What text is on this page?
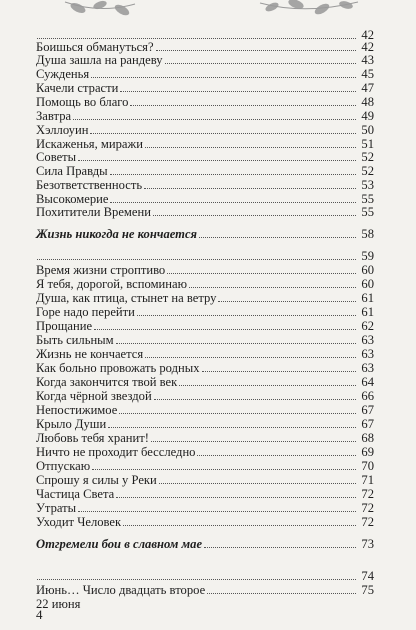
42
Боишься обмануться?	42
Душа зашла на рандеву	43
Сужденья	45
Качели страсти	47
Помощь во благо	48
Завтра	49
Хэллоуин	50
Искаженья, миражи	51
Советы	52
Сила Правды	52
Безответственность	53
Высокомерие	55
Похитители Времени	55
Жизнь никогда не кончается	58
59
Время жизни строптиво	60
Я тебя, дорогой, вспоминаю	60
Душа, как птица, стынет на ветру	61
Горе надо перейти	61
Прощание	62
Быть сильным	63
Жизнь не кончается	63
Как больно провожать родных	63
Когда закончится твой век	64
Когда чёрной звездой	66
Непостижимое	67
Крыло Души	67
Любовь тебя хранит!	68
Ничто не проходит бесследно	69
Отпускаю	70
Спрошу я силы у Реки	71
Частица Света	72
Утраты	72
Уходит Человек	72
Отгремели бои в славном мае	73
74
Июнь… Число двадцать второе	75
22 июня
4
